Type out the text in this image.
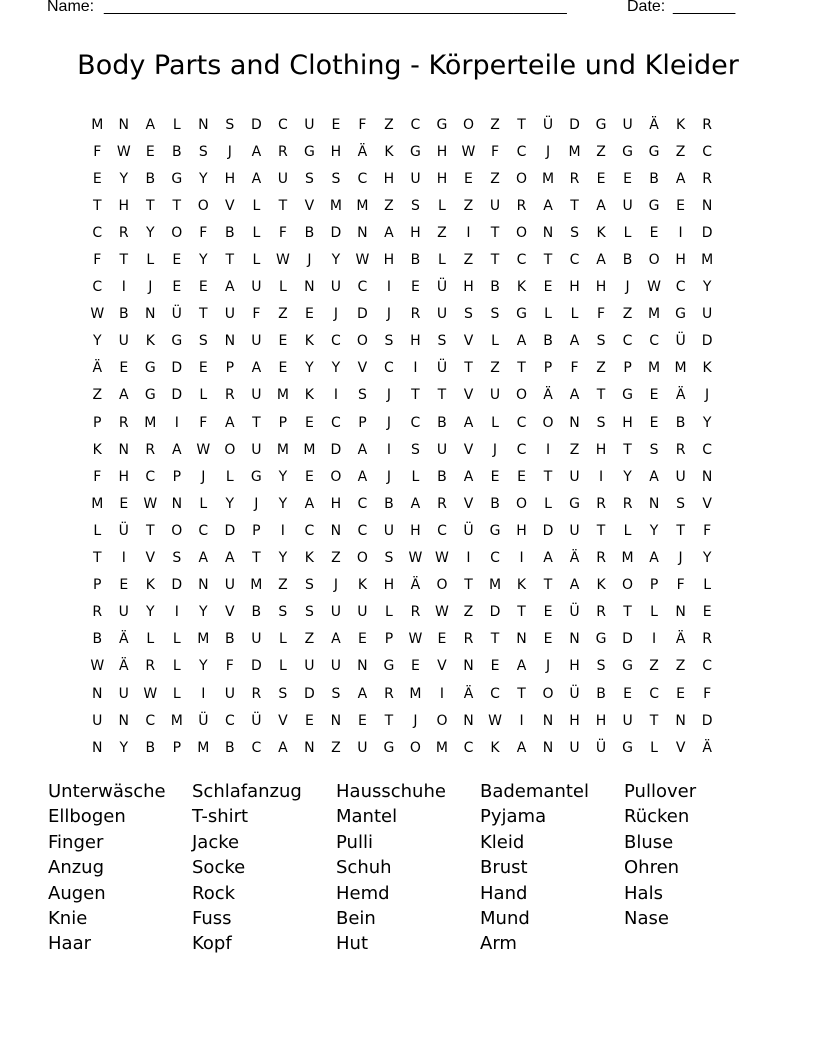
Name: ____________________________________________________	Date: _______
Body Parts and Clothing - Körperteile und Kleider
M	N	A	L	N	S	D	C	U	E	F	Z	C	G	O	Z	T	Ü	D	G	U	Ä	K	R
F	W	E	B	S	J	A	R	G	H	Ä	K	G	H	W	F	C	J	M	Z	G	G	Z	C
E	Y	B	G	Y	H	A	U	S	S	C	H	U	H	E	Z	O	M	R	E	E	B	A	R
T	H	T	T	O	V	L	T	V	M	M	Z	S	L	Z	U	R	A	T	A	U	G	E	N
C	R	Y	O	F	B	L	F	B	D	N	A	H	Z	I	T	O	N	S	K	L	E	I	D
F	T	L	E	Y	T	L	W	J	Y	W	H	B	L	Z	T	C	T	C	A	B	O	H	M
C	I	J	E	E	A	U	L	N	U	C	I	E	Ü	H	B	K	E	H	H	J	W	C	Y
W	B	N	Ü	T	U	F	Z	E	J	D	J	R	U	S	S	G	L	L	F	Z	M	G	U
Y	U	K	G	S	N	U	E	K	C	O	S	H	S	V	L	A	B	A	S	C	C	Ü	D
Ä	E	G	D	E	P	A	E	Y	Y	V	C	I	Ü	T	Z	T	P	F	Z	P	M	M	K
Z	A	G	D	L	R	U	M	K	I	S	J	T	T	V	U	O	Ä	A	T	G	E	Ä	J
P	R	M	I	F	A	T	P	E	C	P	J	C	B	A	L	C	O	N	S	H	E	B	Y
K	N	R	A	W	O	U	M	M	D	A	I	S	U	V	J	C	I	Z	H	T	S	R	C
F	H	C	P	J	L	G	Y	E	O	A	J	L	B	A	E	E	T	U	I	Y	A	U	N
M	E	W	N	L	Y	J	Y	A	H	C	B	A	R	V	B	O	L	G	R	R	N	S	V
L	Ü	T	O	C	D	P	I	C	N	C	U	H	C	Ü	G	H	D	U	T	L	Y	T	F
T	I	V	S	A	A	T	Y	K	Z	O	S	W W	I	C	I	A	Ä	R	M	A	J	Y
P	E	K	D	N	U	M	Z	S	J	K	H	Ä	O	T	M	K	T	A	K	O	P	F	L
R	U	Y	I	Y	V	B	S	S	U	U	L	R	W	Z	D	T	E	Ü	R	T	L	N	E
B	Ä	L	L	M	B	U	L	Z	A	E	P	W	E	R	T	N	E	N	G	D	I	Ä	R
W	Ä	R	L	Y	F	D	L	U	U	N	G	E	V	N	E	A	J	H	S	G	Z	Z	C
N	U	W	L	I	U	R	S	D	S	A	R	M	I	Ä	C	T	O	Ü	B	E	C	E	F
U	N	C	M	Ü	C	Ü	V	E	N	E	T	J	O	N	W	I	N	H	H	U	T	N	D
N	Y	B	P	M	B	C	A	N	Z	U	G	O	M	C	K	A	N	U	Ü	G	L	V	Ä
Unterwäsche	Schlafanzug	Hausschuhe	Bademantel	Pullover
Ellbogen	T-shirt	Mantel	Pyjama	Rücken
Finger	Jacke	Pulli	Kleid	Bluse
Anzug	Socke	Schuh	Brust	Ohren
Augen	Rock	Hemd	Hand	Hals
Knie	Fuss	Bein	Mund	Nase
Haar	Kopf	Hut	Arm
